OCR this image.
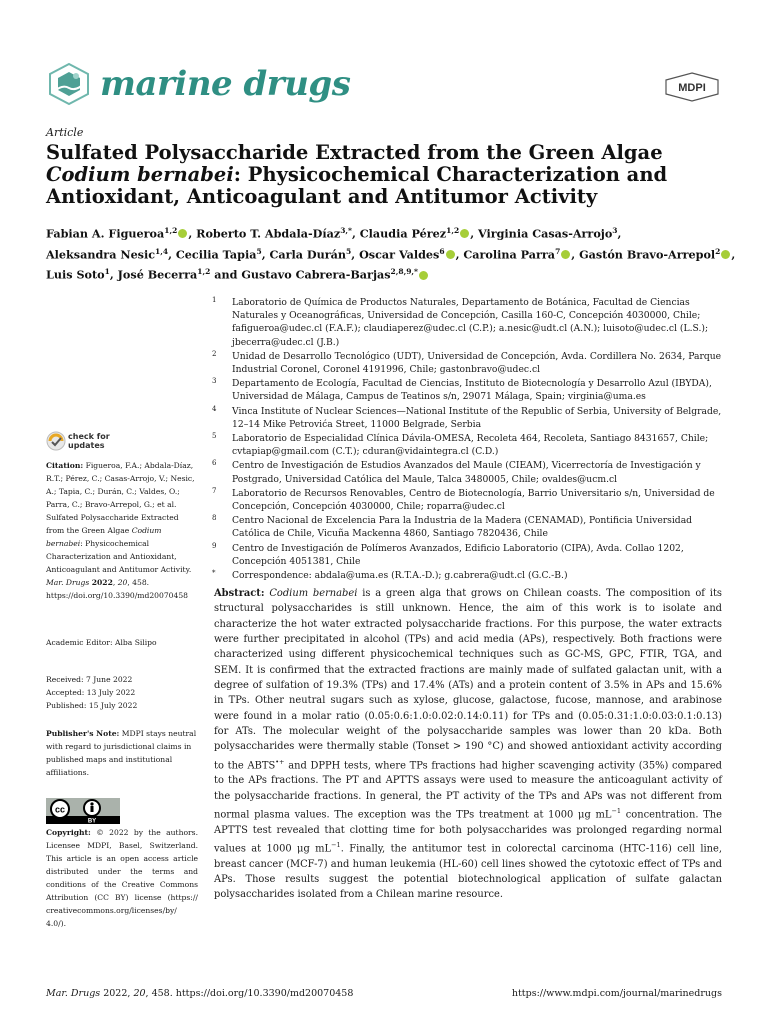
marine drugs	MDPI
Article
Sulfated Polysaccharide Extracted from the Green Algae
Codium bernabei: Physicochemical Characterization and
Antioxidant, Anticoagulant and Antitumor Activity
Fabian A. Figueroa$^{1,2}$ , Roberto T. Abdala-Díaz$^{3,*}$, Claudia Pérez$^{1,2}$ , Virginia Casas-Arrojo$^3$,
Aleksandra Nesic$^{1,4}$, Cecilia Tapia$^5$, Carla Durán$^5$, Oscar Valdes$^6$ , Carolina Parra$^7$ , Gastón Bravo-Arrepol$^2$ ,
Luis Soto$^1$, José Becerra$^{1,2}$ and Gustavo Cabrera-Barjas$^{2,8,9,*}$
1 Laboratorio de Química de Productos Naturales, Departamento de Botánica, Facultad de Ciencias Naturales y Oceanográficas, Universidad de Concepción, Casilla 160-C, Concepción 4030000, Chile; fafigueroa@udec.cl (F.A.F.); claudiaperez@udec.cl (C.P.); a.nesic@udt.cl (A.N.); luisoto@udec.cl (L.S.); jbecerra@udec.cl (J.B.)
2 Unidad de Desarrollo Tecnológico (UDT), Universidad de Concepción, Avda. Cordillera No. 2634, Parque Industrial Coronel, Coronel 4191996, Chile; gastonbravo@udec.cl
3 Departamento de Ecología, Facultad de Ciencias, Instituto de Biotecnología y Desarrollo Azul (IBYDA), Universidad de Málaga, Campus de Teatinos s/n, 29071 Málaga, Spain; virginia@uma.es
4 Vinca Institute of Nuclear Sciences—National Institute of the Republic of Serbia, University of Belgrade, 12–14 Mike Petrovića Street, 11000 Belgrade, Serbia
5 Laboratorio de Especialidad Clínica Dávila-OMESA, Recoleta 464, Recoleta, Santiago 8431657, Chile; cvtapiap@gmail.com (C.T.); cduran@vidaintegra.cl (C.D.)
6 Centro de Investigación de Estudios Avanzados del Maule (CIEAM), Vicerrectoría de Investigación y Postgrado, Universidad Católica del Maule, Talca 3480005, Chile; ovaldes@ucm.cl
7 Laboratorio de Recursos Renovables, Centro de Biotecnología, Barrio Universitario s/n, Universidad de Concepción, Concepción 4030000, Chile; roparra@udec.cl
8 Centro Nacional de Excelencia Para la Industria de la Madera (CENAMAD), Pontificia Universidad Católica de Chile, Vicuña Mackenna 4860, Santiago 7820436, Chile
9 Centro de Investigación de Polímeros Avanzados, Edificio Laboratorio (CIPA), Avda. Collao 1202, Concepción 4051381, Chile
* Correspondence: abdala@uma.es (R.T.A.-D.); g.cabrera@udt.cl (G.C.-B.)
check for
updates
Citation: Figueroa, F.A.; Abdala-Díaz, R.T.; Pérez, C.; Casas-Arrojo, V.; Nesic, A.; Tapia, C.; Durán, C.; Valdes, O.; Parra, C.; Bravo-Arrepol, G.; et al. Sulfated Polysaccharide Extracted from the Green Algae Codium bernabei: Physicochemical Characterization and Antioxidant, Anticoagulant and Antitumor Activity. Mar. Drugs 2022, 20, 458. https://doi.org/10.3390/md20070458
Academic Editor: Alba Silipo
Received: 7 June 2022
Accepted: 13 July 2022
Published: 15 July 2022
Publisher's Note: MDPI stays neutral with regard to jurisdictional claims in published maps and institutional affiliations.
cc
BY
Copyright: © 2022 by the authors. Licensee MDPI, Basel, Switzerland. This article is an open access article distributed under the terms and conditions of the Creative Commons Attribution (CC BY) license (https:// creativecommons.org/licenses/by/ 4.0/).
Abstract: Codium bernabei is a green alga that grows on Chilean coasts. The composition of its structural polysaccharides is still unknown. Hence, the aim of this work is to isolate and characterize the hot water extracted polysaccharide fractions. For this purpose, the water extracts were further precipitated in alcohol (TPs) and acid media (APs), respectively. Both fractions were characterized using different physicochemical techniques such as GC-MS, GPC, FTIR, TGA, and SEM. It is confirmed that the extracted fractions are mainly made of sulfated galactan unit, with a degree of sulfation of 19.3% (TPs) and 17.4% (ATs) and a protein content of 3.5% in APs and 15.6% in TPs. Other neutral sugars such as xylose, glucose, galactose, fucose, mannose, and arabinose were found in a molar ratio (0.05:0.6:1.0:0.02:0.14:0.11) for TPs and (0.05:0.31:1.0:0.03:0.1:0.13) for ATs. The molecular weight of the polysaccharide samples was lower than 20 kDa. Both polysaccharides were thermally stable (Tonset > 190 °C) and showed antioxidant activity according to the ABTS•+ and DPPH tests, where TPs fractions had higher scavenging activity (35%) compared to the APs fractions. The PT and APTTS assays were used to measure the anticoagulant activity of the polysaccharide fractions. In general, the PT activity of the TPs and APs was not different from normal plasma values. The exception was the TPs treatment at 1000 μg $mL^{-1}$ concentration. The APTTS test revealed that clotting time for both polysaccharides was prolonged regarding normal values at 1000 μg $mL^{-1}$. Finally, the antitumor test in colorectal carcinoma (HTC-116) cell line, breast cancer (MCF-7) and human leukemia (HL-60) cell lines showed the cytotoxic effect of TPs and APs. Those results suggest the potential biotechnological application of sulfate galactan polysaccharides isolated from a Chilean marine resource.
Mar. Drugs 2022, 20, 458. https://doi.org/10.3390/md20070458	https://www.mdpi.com/journal/marinedrugs
